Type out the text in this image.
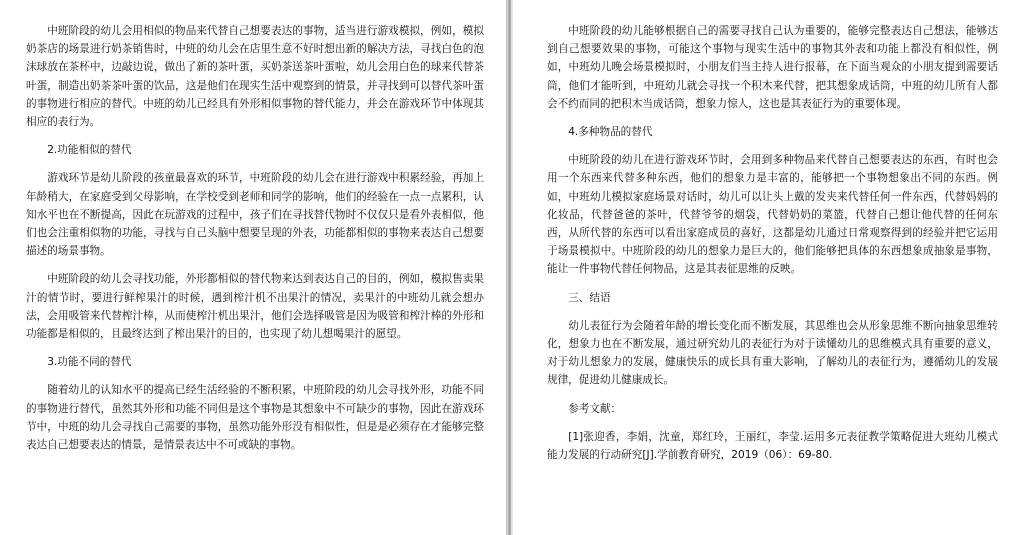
中班阶段的幼儿会用相似的物品来代替自己想要表达的事物，适当进行游戏模拟，例如，模拟奶茶店的场景进行奶茶销售时，中班的幼儿会在店里生意不好时想出新的解决方法，寻找白色的泡沫球放在茶杯中，边敲边说，做出了新的茶叶蛋，买奶茶送茶叶蛋啦，幼儿会用白色的球来代替茶叶蛋，制造出奶茶茶叶蛋的饮品，这是他们在现实生活中观察到的情景，并寻找到可以替代茶叶蛋的事物进行相应的替代。中班的幼儿已经具有外形相似事物的替代能力，并会在游戏环节中体现其相应的表行为。

2.功能相似的替代

游戏环节是幼儿阶段的孩童最喜欢的环节，中班阶段的幼儿会在进行游戏中积累经验，再加上年龄稍大，在家庭受到父母影响，在学校受到老师和同学的影响，他们的经验在一点一点累积，认知水平也在不断提高，因此在玩游戏的过程中，孩子们在寻找替代物时不仅仅只是看外表相似，他们也会注重相似物的功能，寻找与自己头脑中想要呈现的外表，功能都相似的事物来表达自己想要描述的场景事物。

中班阶段的幼儿会寻找功能，外形都相似的替代物来达到表达自己的目的，例如，模拟售卖果汁的情节时，要进行鲜榨果汁的时候，遇到榨汁机不出果汁的情况，卖果汁的中班幼儿就会想办法，会用吸管来代替榨汁棒，从而使榨汁机出果汁，他们会选择吸管是因为吸管和榨汁棒的外形和功能都是相似的，且最终达到了榨出果汁的目的，也实现了幼儿想喝果汁的愿望。

3.功能不同的替代

随着幼儿的认知水平的提高已经生活经验的不断积累，中班阶段的幼儿会寻找外形，功能不同的事物进行替代，虽然其外形和功能不同但是这个事物是其想象中不可缺少的事物，因此在游戏环节中，中班的幼儿会寻找自己需要的事物，虽然功能外形没有相似性，但是是必须存在才能够完整表达自己想要表达的情景，是情景表达中不可或缺的事物。

中班阶段的幼儿能够根据自己的需要寻找自己认为重要的，能够完整表达自己想法，能够达到自己想要效果的事物，可能这个事物与现实生活中的事物其外表和功能上都没有相似性，例如，中班幼儿晚会场景模拟时，小朋友们当主持人进行报幕，在下面当观众的小朋友提到需要话筒，他们才能听到，中班幼儿就会寻找一个积木来代替，把其想象成话筒，中班的幼儿所有人都会不约而同的把积木当成话筒，想象力惊人，这也是其表征行为的重要体现。

4.多种物品的替代

中班阶段的幼儿在进行游戏环节时，会用到多种物品来代替自己想要表达的东西，有时也会用一个东西来代替多种东西，他们的想象力是丰富的，能够把一个事物想象出不同的东西。例如，中班幼儿模拟家庭场景对话时，幼儿可以让头上戴的发夹来代替任何一件东西，代替妈妈的化妆品，代替爸爸的茶叶，代替爷爷的烟袋，代替奶奶的菜篮，代替自己想让他代替的任何东西，从所代替的东西可以看出家庭成员的喜好，这都是幼儿通过日常观察得到的经验并把它运用于场景模拟中。中班阶段的幼儿的想象力是巨大的，他们能够把具体的东西想象成抽象是事物，能让一件事物代替任何物品，这是其表征思维的反映。

三、结语

幼儿表征行为会随着年龄的增长变化而不断发展，其思维也会从形象思维不断向抽象思维转化，想象力也在不断发展，通过研究幼儿的表征行为对于读懂幼儿的思维模式具有重要的意义，对于幼儿想象力的发展，健康快乐的成长具有重大影响，了解幼儿的表征行为，遵循幼儿的发展规律，促进幼儿健康成长。

参考文献：

[1]张迎香，李娟，沈童，郑红玲，王丽红，李莹.运用多元表征教学策略促进大班幼儿模式能力发展的行动研究[J].学前教育研究，2019（06）：69-80.
